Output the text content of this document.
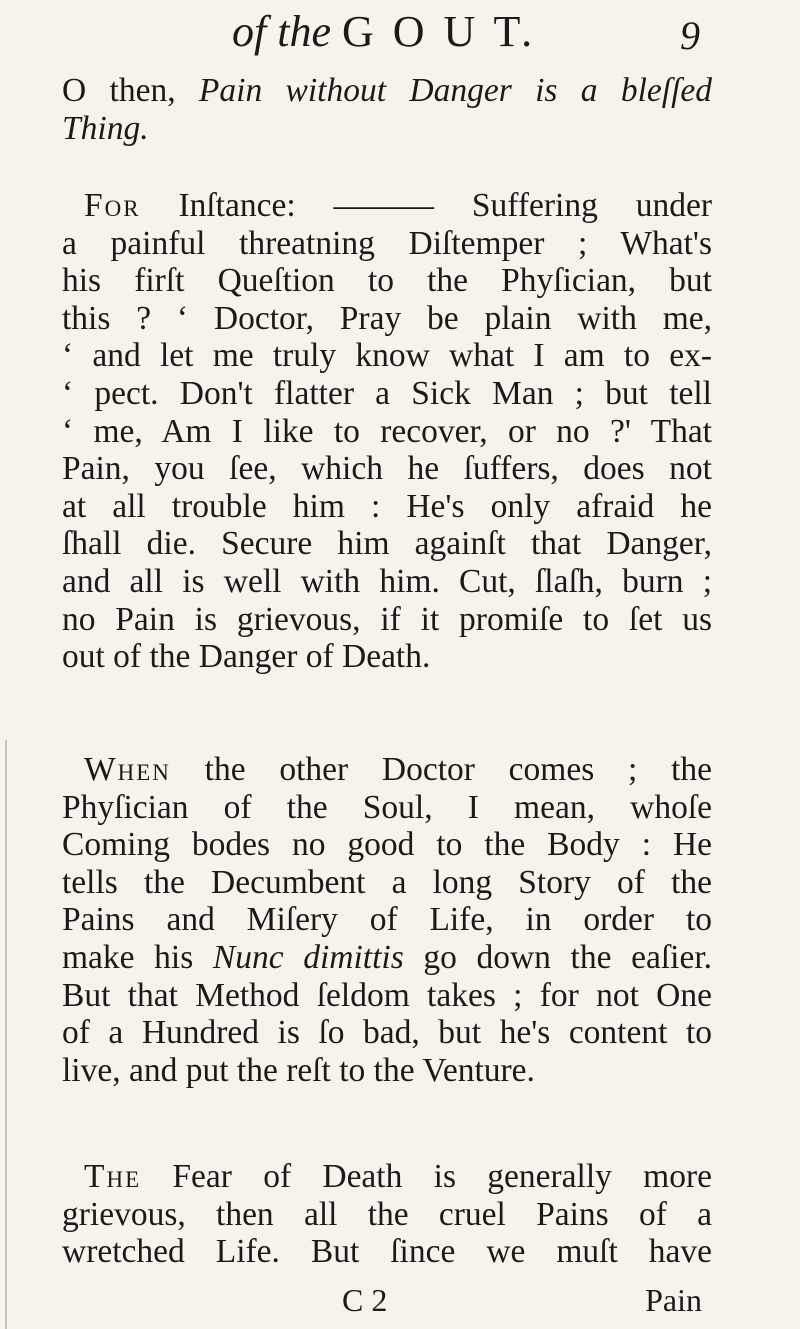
of the G O U T.	9
O then, Pain without Danger is a bleſſed
Thing.
For Inſtance: ——— Suffering under
a painful threatning Diſtemper ; What's
his firſt Queſtion to the Phyſician, but
this ? ‘ Doctor, Pray be plain with me,
‘ and let me truly know what I am to ex-
‘ pect. Don't flatter a Sick Man ; but tell
‘ me, Am I like to recover, or no ?' That
Pain, you ſee, which he ſuffers, does not
at all trouble him : He's only afraid he
ſhall die. Secure him againſt that Danger,
and all is well with him. Cut, ſlaſh, burn ;
no Pain is grievous, if it promiſe to ſet us
out of the Danger of Death.
When the other Doctor comes ; the
Phyſician of the Soul, I mean, whoſe
Coming bodes no good to the Body : He
tells the Decumbent a long Story of the
Pains and Miſery of Life, in order to
make his Nunc dimittis go down the eaſier.
But that Method ſeldom takes ; for not One
of a Hundred is ſo bad, but he's content to
live, and put the reſt to the Venture.
The Fear of Death is generally more
grievous, then all the cruel Pains of a
wretched Life. But ſince we muſt have
C 2	Pain
